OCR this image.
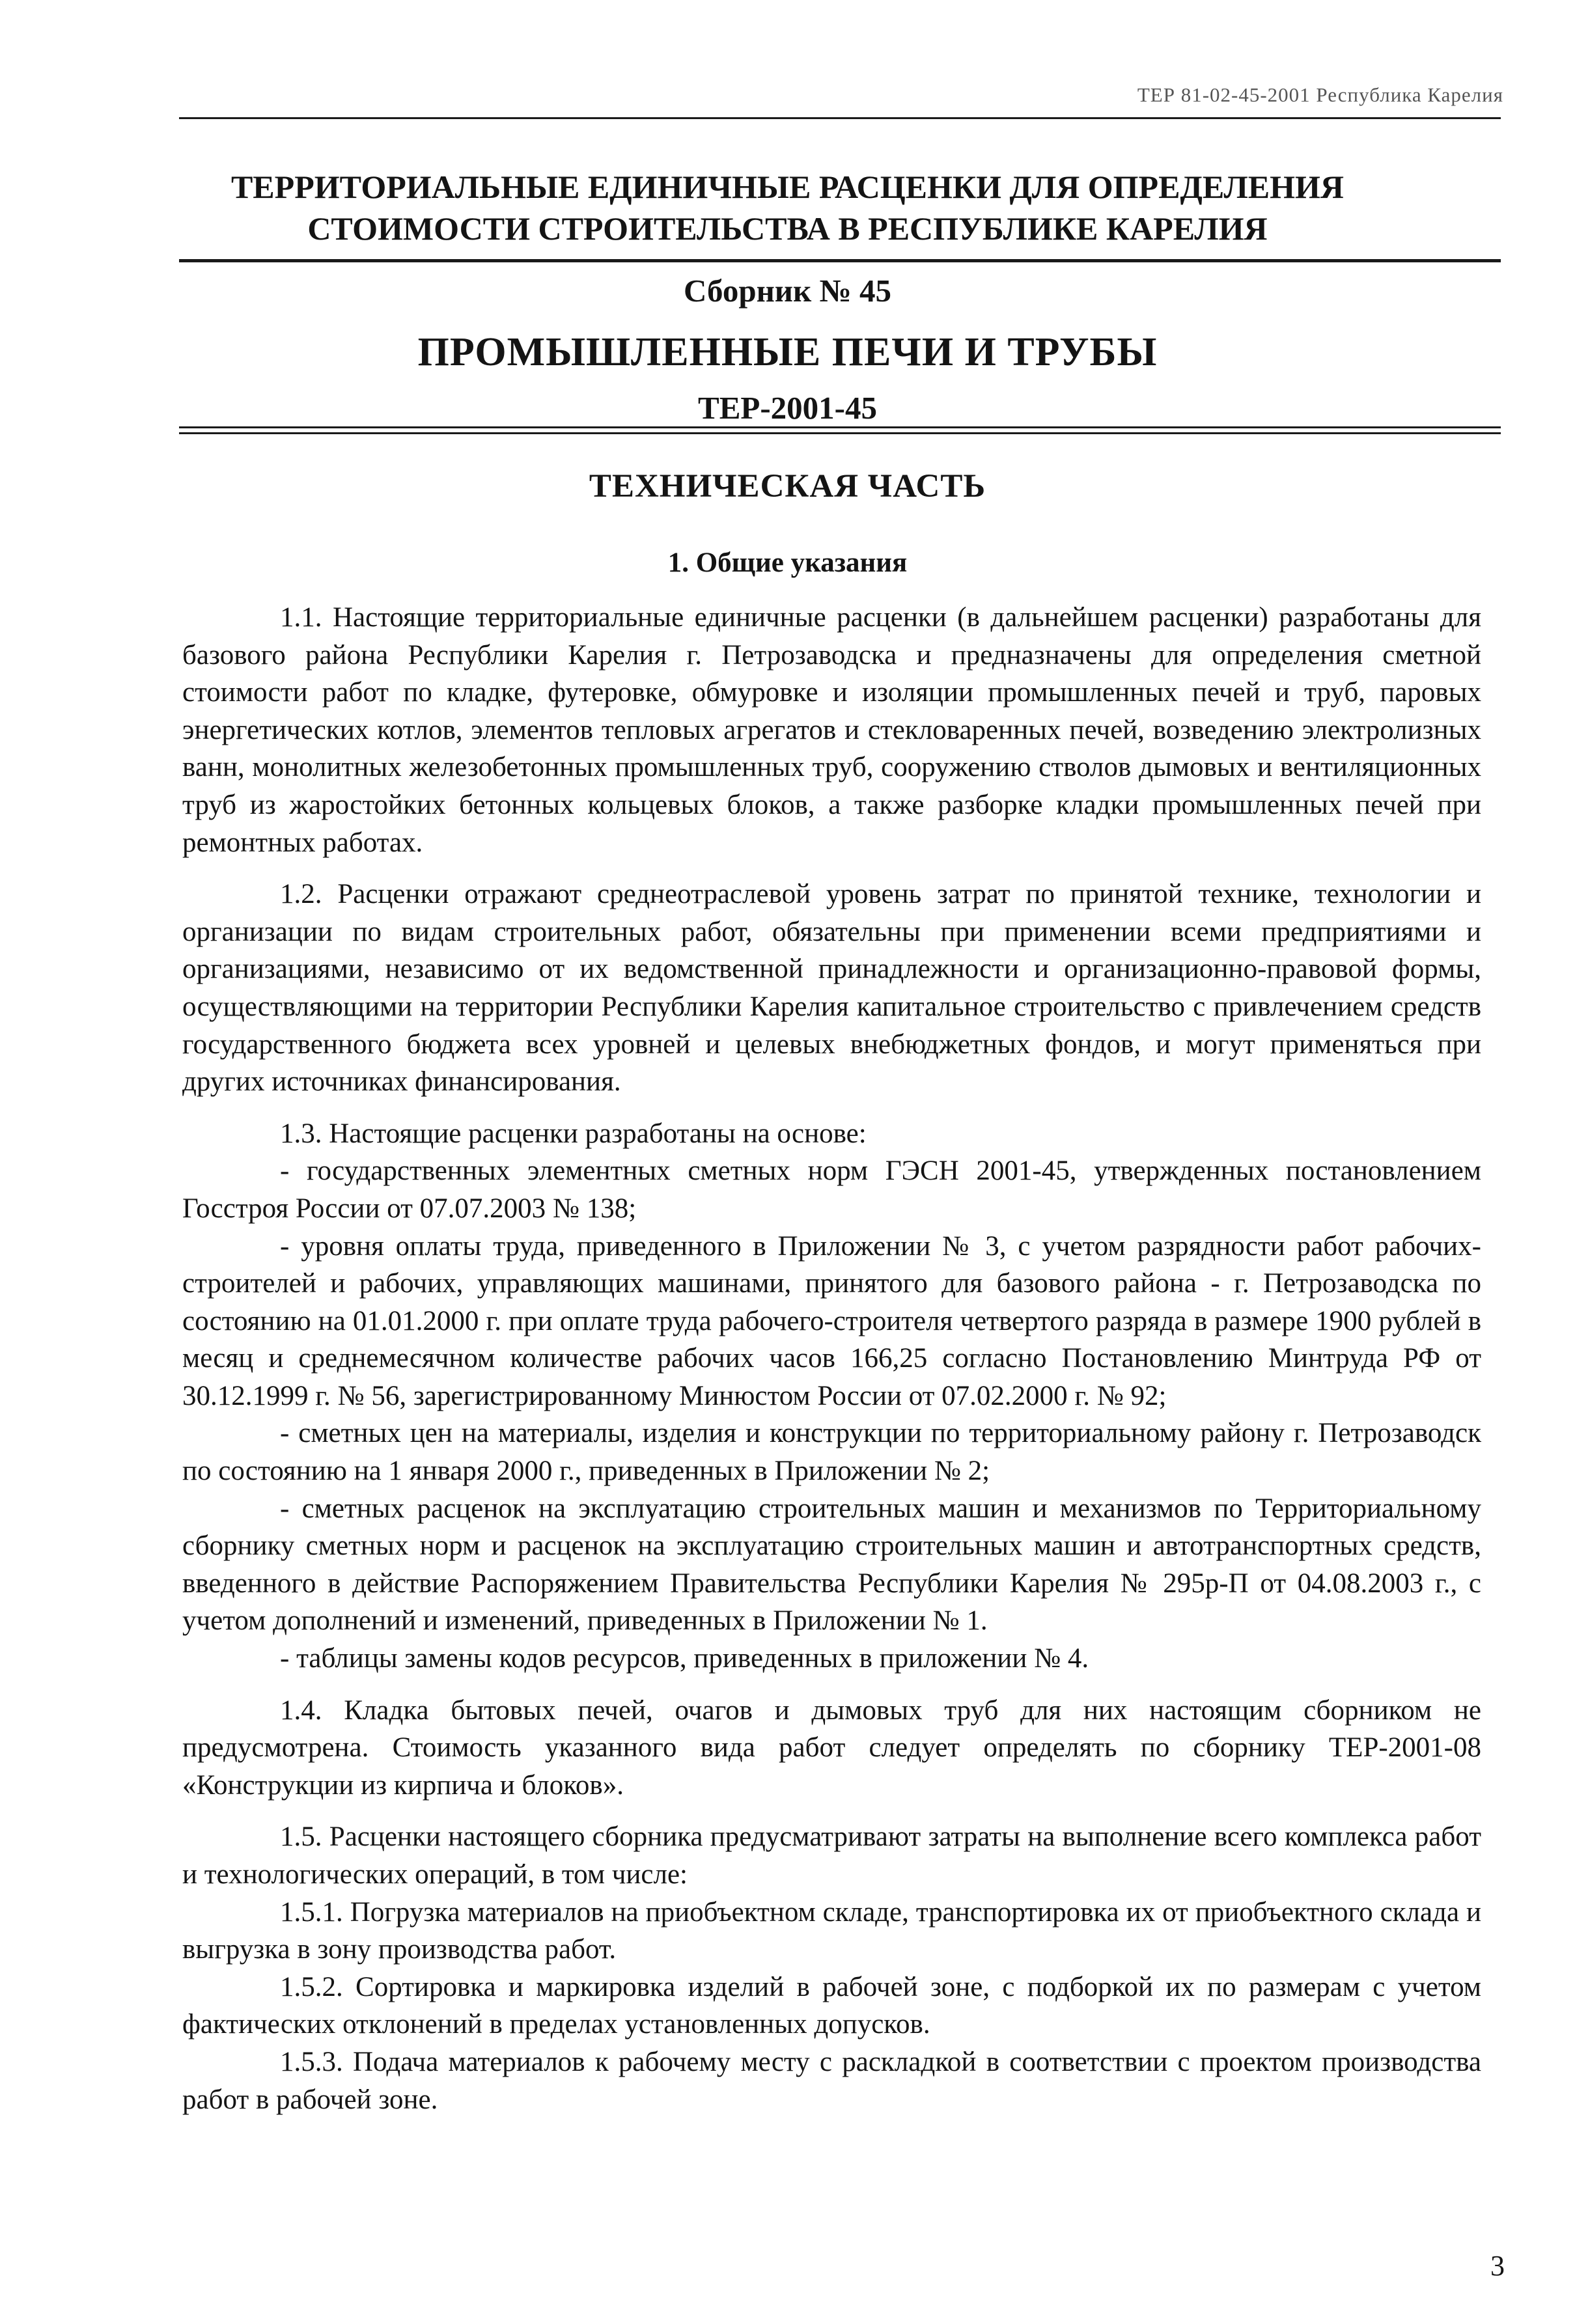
ТЕР 81-02-45-2001 Республика Карелия
ТЕРРИТОРИАЛЬНЫЕ ЕДИНИЧНЫЕ РАСЦЕНКИ ДЛЯ ОПРЕДЕЛЕНИЯ
СТОИМОСТИ СТРОИТЕЛЬСТВА В РЕСПУБЛИКЕ КАРЕЛИЯ
Сборник № 45
ПРОМЫШЛЕННЫЕ ПЕЧИ И ТРУБЫ
ТЕР-2001-45
ТЕХНИЧЕСКАЯ ЧАСТЬ
1. Общие указания

1.1. Настоящие территориальные единичные расценки (в дальнейшем расценки) разработаны для базового района Республики Карелия г. Петрозаводска и предназначены для определения сметной стоимости работ по кладке, футеровке, обмуровке и изоляции промышленных печей и труб, паровых энергетических котлов, элементов тепловых агрегатов и стекловаренных печей, возведению электролизных ванн, монолитных железобетонных промышленных труб, сооружению стволов дымовых и вентиляционных труб из жаростойких бетонных кольцевых блоков, а также разборке кладки промышленных печей при ремонтных работах.

1.2. Расценки отражают среднеотраслевой уровень затрат по принятой технике, технологии и организации по видам строительных работ, обязательны при применении всеми предприятиями и организациями, независимо от их ведомственной принадлежности и организационно-правовой формы, осуществляющими на территории Республики Карелия капитальное строительство с привлечением средств государственного бюджета всех уровней и целевых внебюджетных фондов, и могут применяться при других источниках финансирования.

1.3. Настоящие расценки разработаны на основе:

- государственных элементных сметных норм ГЭСН 2001-45, утвержденных постановлением Госстроя России от 07.07.2003 № 138;

- уровня оплаты труда, приведенного в Приложении № 3, с учетом разрядности работ рабочих-строителей и рабочих, управляющих машинами, принятого для базового района - г. Петрозаводска по состоянию на 01.01.2000 г. при оплате труда рабочего-строителя четвертого разряда в размере 1900 рублей в месяц и среднемесячном количестве рабочих часов 166,25 согласно Постановлению Минтруда РФ от 30.12.1999 г. № 56, зарегистрированному Минюстом России от 07.02.2000 г. № 92;

- сметных цен на материалы, изделия и конструкции по территориальному району г. Петрозаводск по состоянию на 1 января 2000 г., приведенных в Приложении № 2;

- сметных расценок на эксплуатацию строительных машин и механизмов по Территориальному сборнику сметных норм и расценок на эксплуатацию строительных машин и автотранспортных средств, введенного в действие Распоряжением Правительства Республики Карелия № 295р-П от 04.08.2003 г., с учетом дополнений и изменений, приведенных в Приложении № 1.

- таблицы замены кодов ресурсов, приведенных в приложении № 4.

1.4. Кладка бытовых печей, очагов и дымовых труб для них настоящим сборником не предусмотрена. Стоимость указанного вида работ следует определять по сборнику ТЕР-2001-08 «Конструкции из кирпича и блоков».

1.5. Расценки настоящего сборника предусматривают затраты на выполнение всего комплекса работ и технологических операций, в том числе:

1.5.1. Погрузка материалов на приобъектном складе, транспортировка их от приобъектного склада и выгрузка в зону производства работ.

1.5.2. Сортировка и маркировка изделий в рабочей зоне, с подборкой их по размерам с учетом фактических отклонений в пределах установленных допусков.

1.5.3. Подача материалов к рабочему месту с раскладкой в соответствии с проектом производства работ в рабочей зоне.

3
